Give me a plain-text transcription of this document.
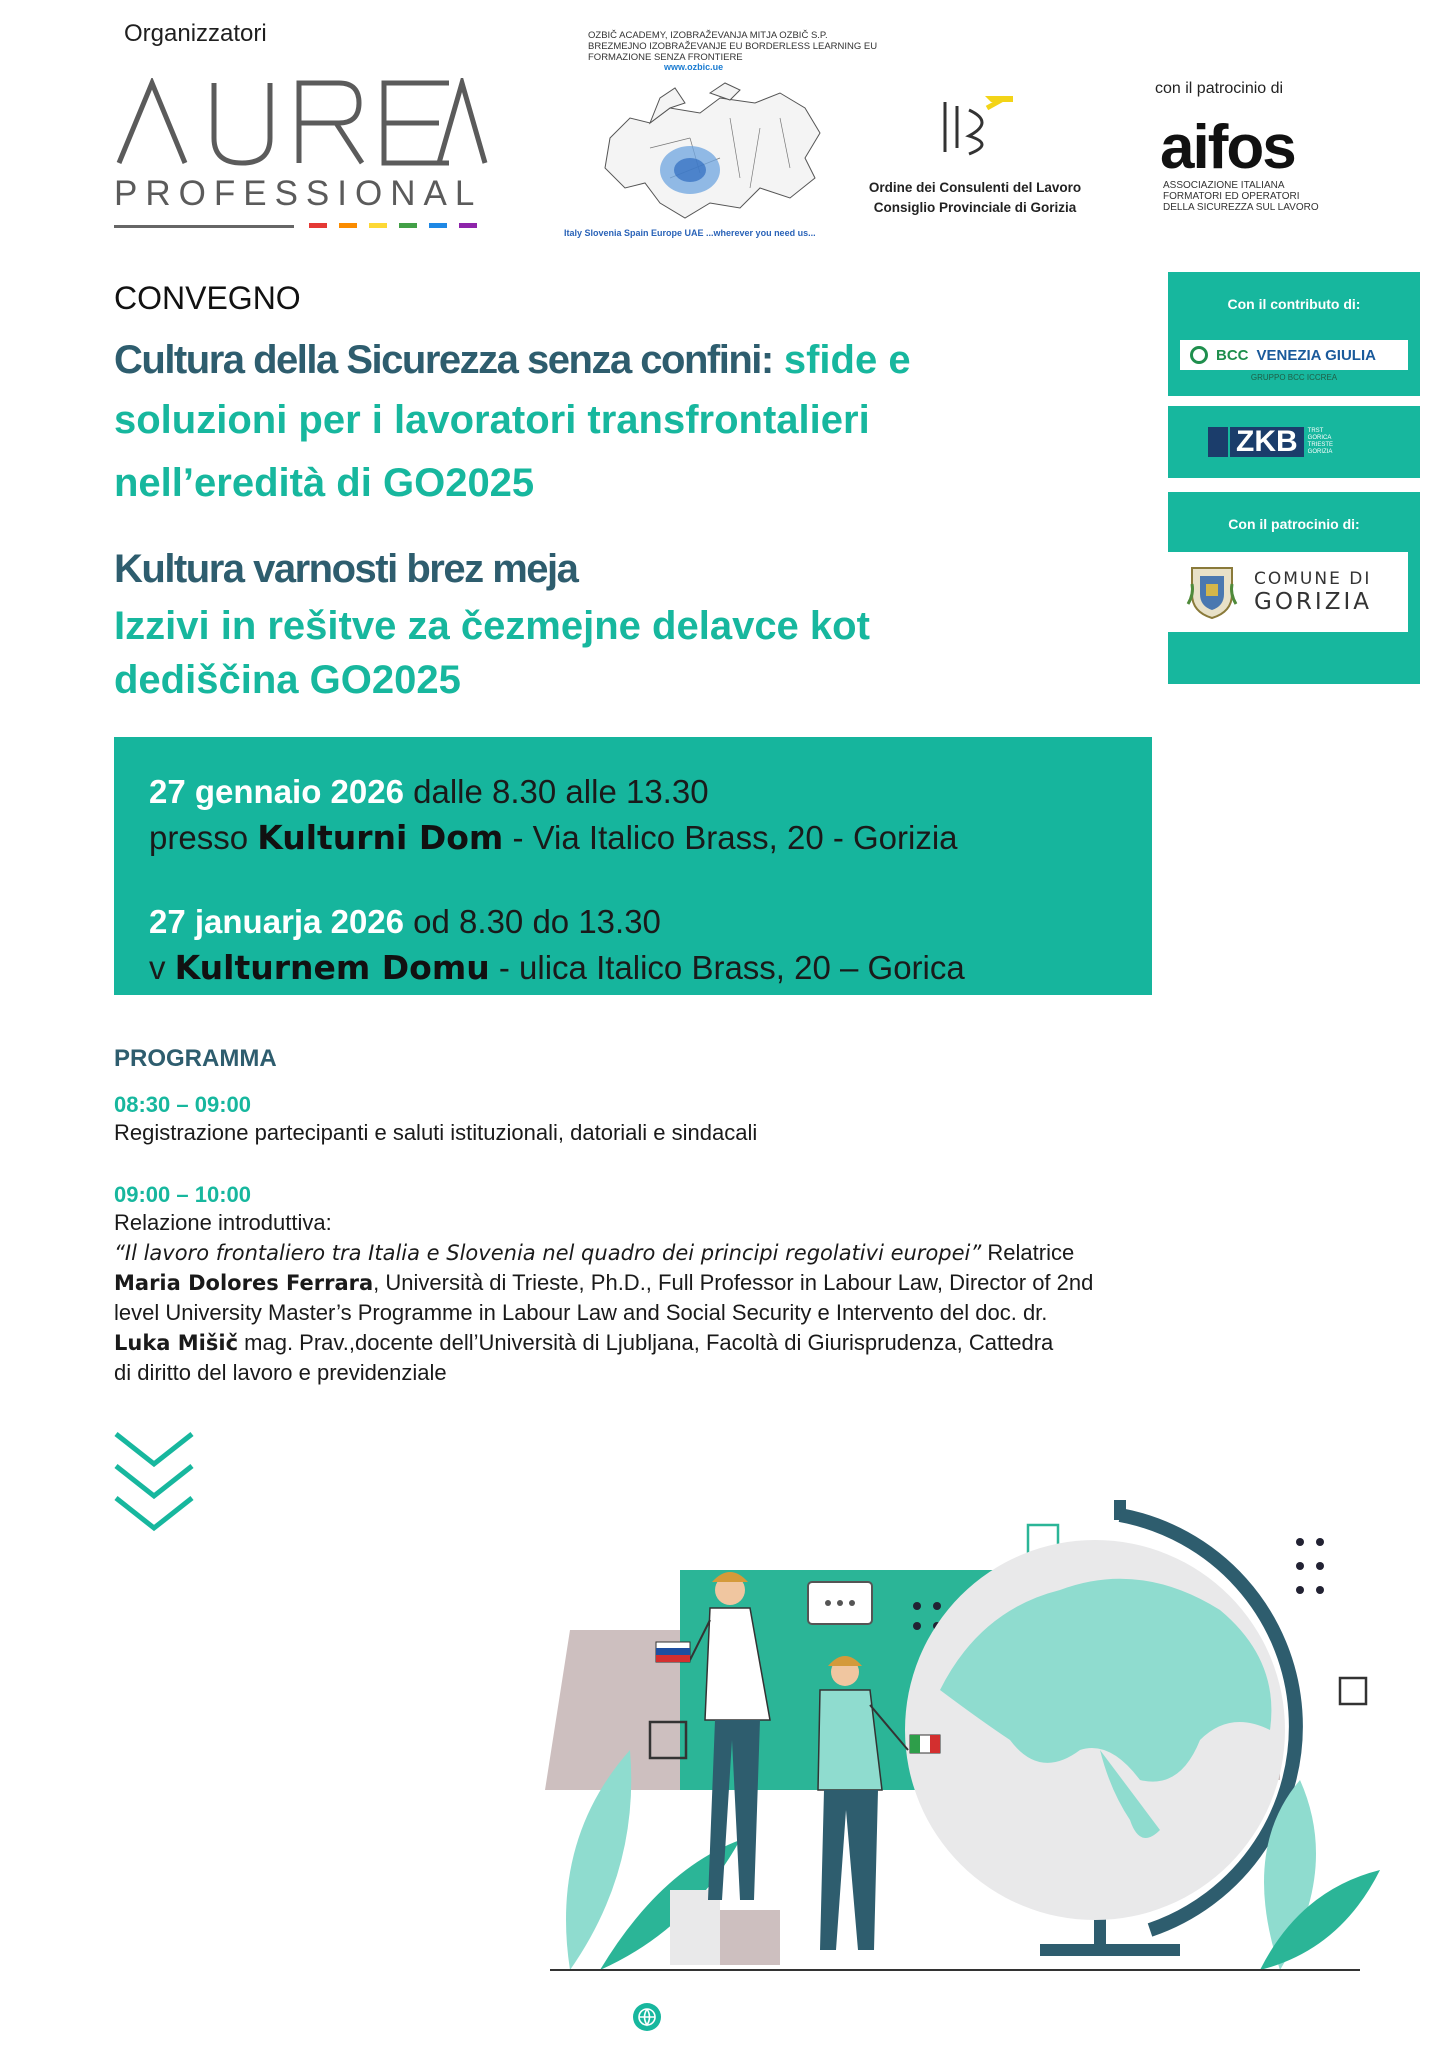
Organizzatori
PROFESSIONAL
OZBIČ ACADEMY, IZOBRAŽEVANJA MITJA OZBIČ S.P.
BREZMEJNO IZOBRAŽEVANJE EU BORDERLESS LEARNING EU
FORMAZIONE SENZA FRONTIERE
www.ozbic.ue
Italy Slovenia Spain Europe UAE ...wherever you need us...
Ordine dei Consulenti del Lavoro
Consiglio Provinciale di Gorizia
con il patrocinio di
aifos
ASSOCIAZIONE ITALIANA
FORMATORI ED OPERATORI
DELLA SICUREZZA SUL LAVORO
Con il contributo di:
BCC VENEZIA GIULIA
GRUPPO BCC ICCREA
ZKB	TRST
GORICA
TRIESTE
GORIZIA
Con il patrocinio di:
COMUNE DI
GORIZIA
CONVEGNO
Cultura della Sicurezza senza confini: sfide e
soluzioni per i lavoratori transfrontalieri
nell’eredità di GO2025
Kultura varnosti brez meja
Izzivi in rešitve za čezmejne delavce kot
dediščina GO2025
27 gennaio 2026 dalle 8.30 alle 13.30
presso Kulturni Dom - Via Italico Brass, 20 - Gorizia
27 januarja 2026 od 8.30 do 13.30
v Kulturnem Domu - ulica Italico Brass, 20 – Gorica
PROGRAMMA
08:30 – 09:00
Registrazione partecipanti e saluti istituzionali, datoriali e sindacali
09:00 – 10:00
Relazione introduttiva:
“Il lavoro frontaliero tra Italia e Slovenia nel quadro dei principi regolativi europei” Relatrice
Maria Dolores Ferrara, Università di Trieste, Ph.D., Full Professor in Labour Law, Director of 2nd
level University Master’s Programme in Labour Law and Social Security e Intervento del doc. dr.
Luka Mišič mag. Prav.,docente dell’Università di Ljubljana, Facoltà di Giurisprudenza, Cattedra
di diritto del lavoro e previdenziale
